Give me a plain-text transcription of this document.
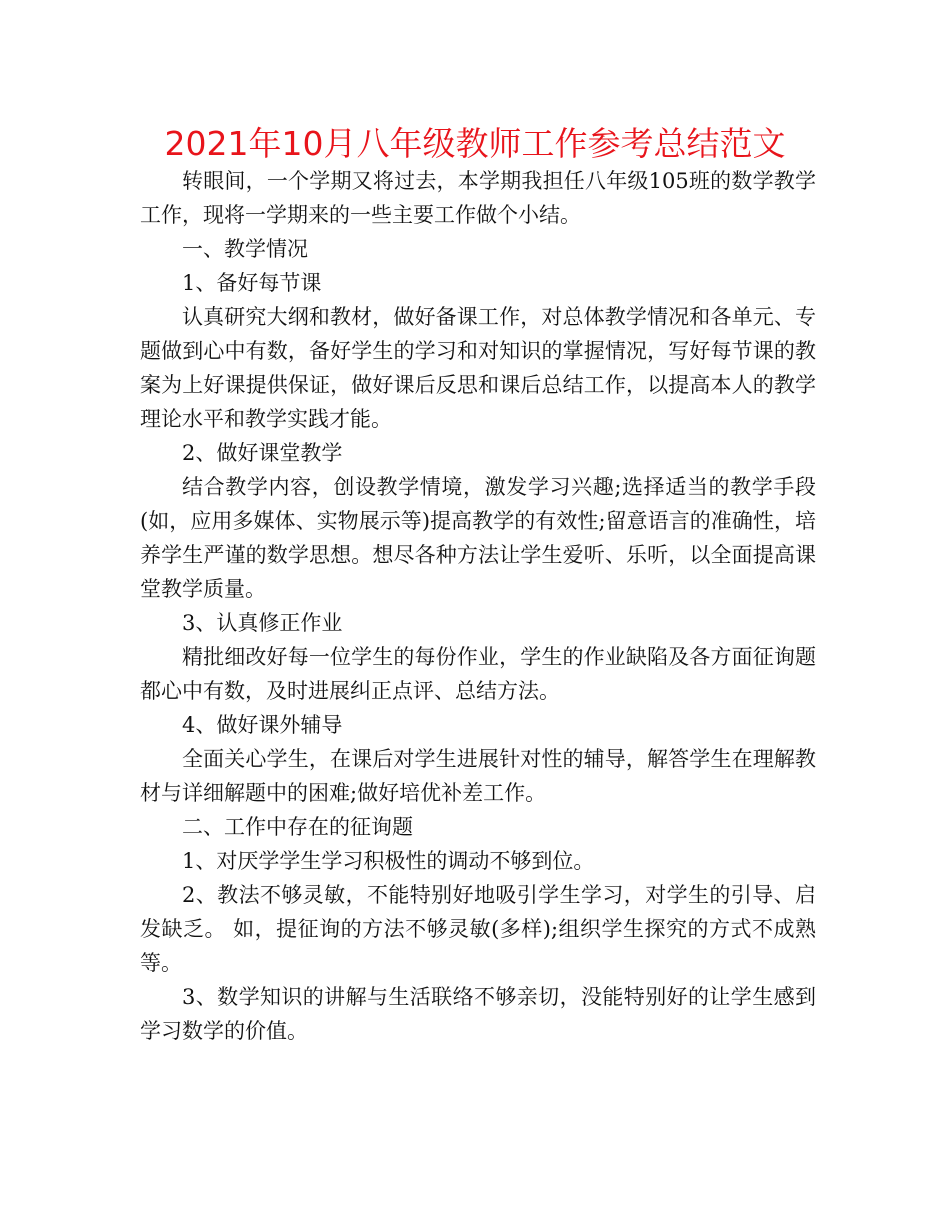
2021年10月八年级教师工作参考总结范文

转眼间，一个学期又将过去，本学期我担任八年级105班的数学教学工作，现将一学期来的一些主要工作做个小结。

一、教学情况

1、备好每节课

认真研究大纲和教材，做好备课工作，对总体教学情况和各单元、专题做到心中有数，备好学生的学习和对知识的掌握情况，写好每节课的教案为上好课提供保证，做好课后反思和课后总结工作，以提高本人的教学理论水平和教学实践才能。

2、做好课堂教学

结合教学内容，创设教学情境，激发学习兴趣;选择适当的教学手段(如，应用多媒体、实物展示等)提高教学的有效性;留意语言的准确性，培养学生严谨的数学思想。想尽各种方法让学生爱听、乐听，以全面提高课堂教学质量。

3、认真修正作业

精批细改好每一位学生的每份作业，学生的作业缺陷及各方面征询题都心中有数，及时进展纠正点评、总结方法。

4、做好课外辅导

全面关心学生，在课后对学生进展针对性的辅导，解答学生在理解教材与详细解题中的困难;做好培优补差工作。

二、工作中存在的征询题

1、对厌学学生学习积极性的调动不够到位。

2、教法不够灵敏，不能特别好地吸引学生学习，对学生的引导、启发缺乏。 如，提征询的方法不够灵敏(多样);组织学生探究的方式不成熟等。

3、数学知识的讲解与生活联络不够亲切，没能特别好的让学生感到学习数学的价值。
